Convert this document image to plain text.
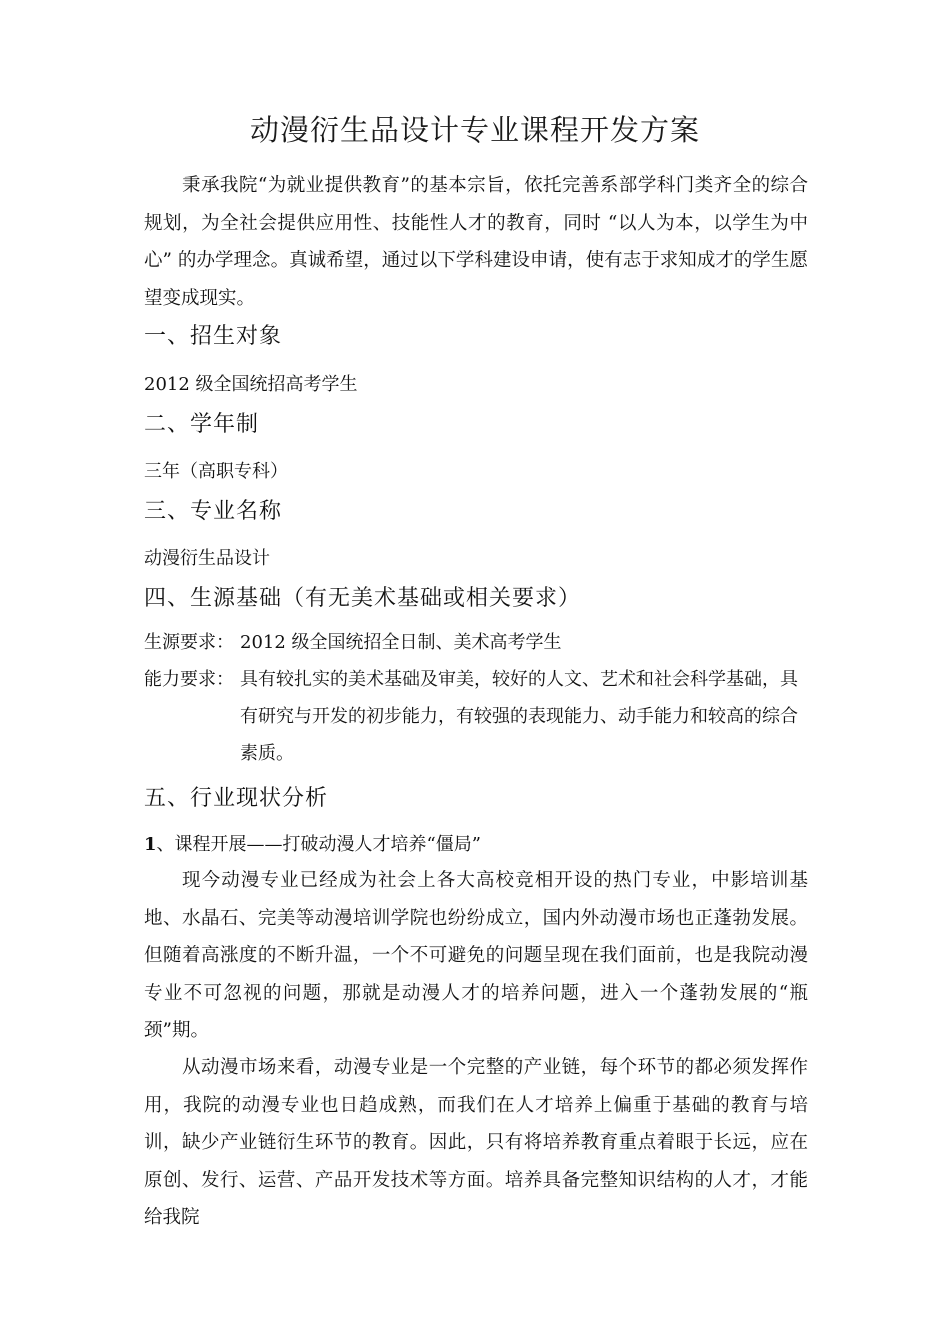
动漫衍生品设计专业课程开发方案
秉承我院“为就业提供教育”的基本宗旨，依托完善系部学科门类齐全的综合规划，为全社会提供应用性、技能性人才的教育，同时 “以人为本，以学生为中心” 的办学理念。真诚希望，通过以下学科建设申请，使有志于求知成才的学生愿望变成现实。
一、招生对象
2012 级全国统招高考学生
二、学年制
三年（高职专科）
三、专业名称
动漫衍生品设计
四、生源基础（有无美术基础或相关要求）
生源要求： 2012 级全国统招全日制、美术高考学生
能力要求： 具有较扎实的美术基础及审美，较好的人文、艺术和社会科学基础，具有研究与开发的初步能力，有较强的表现能力、动手能力和较高的综合素质。
五、行业现状分析
1、课程开展——打破动漫人才培养“僵局”
现今动漫专业已经成为社会上各大高校竞相开设的热门专业，中影培训基地、水晶石、完美等动漫培训学院也纷纷成立，国内外动漫市场也正蓬勃发展。但随着高涨度的不断升温，一个不可避免的问题呈现在我们面前，也是我院动漫专业不可忽视的问题，那就是动漫人才的培养问题，进入一个蓬勃发展的“瓶颈”期。
从动漫市场来看，动漫专业是一个完整的产业链，每个环节的都必须发挥作用，我院的动漫专业也日趋成熟，而我们在人才培养上偏重于基础的教育与培训，缺少产业链衍生环节的教育。因此，只有将培养教育重点着眼于长远，应在原创、发行、运营、产品开发技术等方面。培养具备完整知识结构的人才，才能给我院
